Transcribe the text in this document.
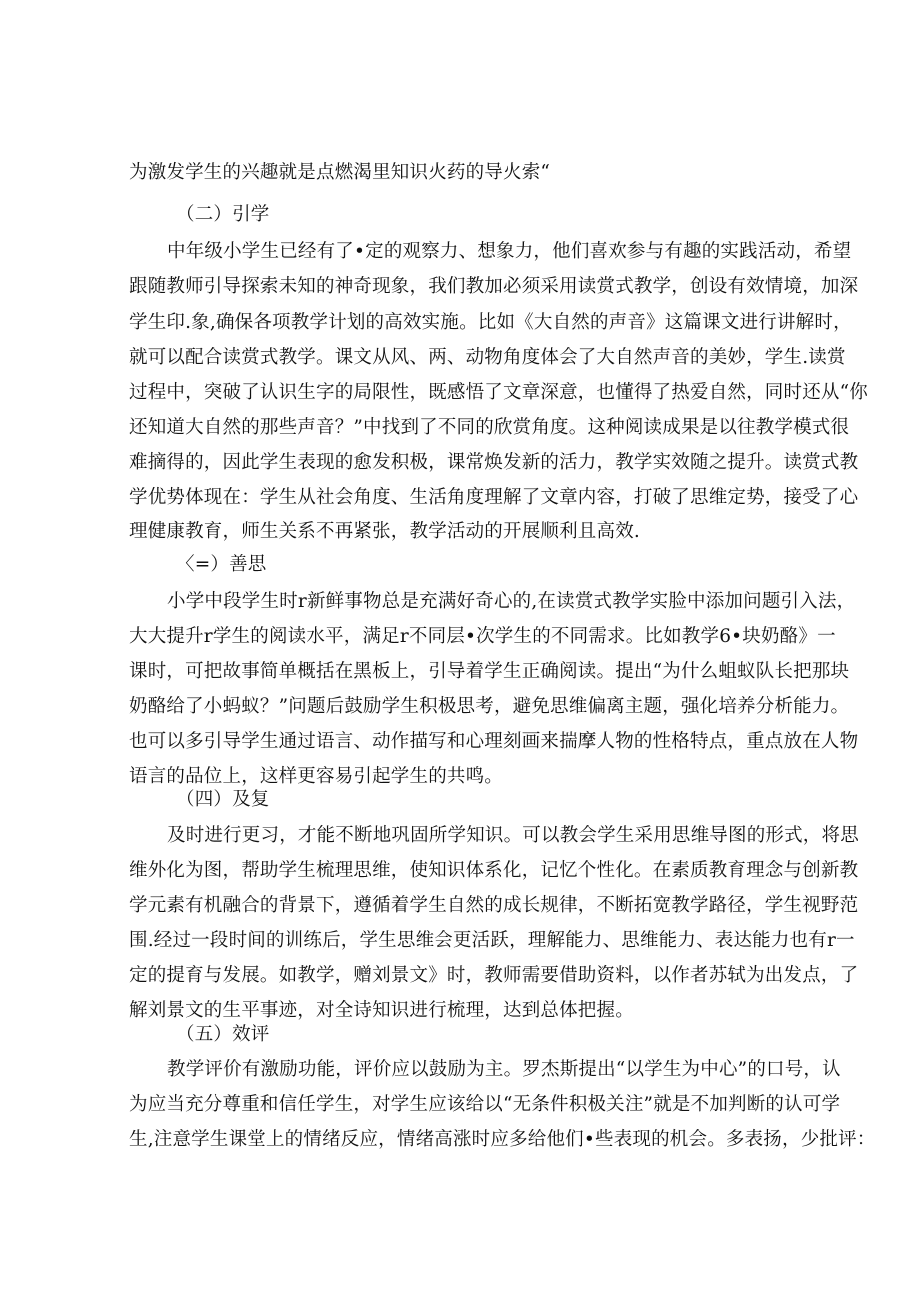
为激发学生的兴趣就是点燃渴里知识火药的导火索“
（二）引学
中年级小学生已经有了•定的观察力、想象力，他们喜欢参与有趣的实践活动，希望
跟随教师引导探索未知的神奇现象，我们教加必须采用读赏式教学，创设有效情境，加深
学生印.象,确保各项教学计划的高效实施。比如《大自然的声音》这篇课文进行讲解时，
就可以配合读赏式教学。课文从风、两、动物角度体会了大自然声音的美妙，学生.读赏
过程中，突破了认识生字的局限性，既感悟了文章深意，也懂得了热爱自然，同时还从“你
还知道大自然的那些声音？”中找到了不同的欣赏角度。这种阅读成果是以往教学模式很
难摘得的，因此学生表现的愈发积极，课常焕发新的活力，教学实效随之提升。读赏式教
学优势体现在：学生从社会角度、生活角度理解了文章内容，打破了思维定势，接受了心
理健康教育，师生关系不再紧张，教学活动的开展顺利且高效.
〈=）善思
小学中段学生时r新鲜事物总是充满好奇心的,在读赏式教学实脸中添加问题引入法，
大大提升r学生的阅读水平，满足r不同层•次学生的不同需求。比如教学6•块奶酪》一
课时，可把故事简单概括在黑板上，引导着学生正确阅读。提出“为什么蛆蚁队长把那块
奶酪给了小蚂蚁？”问题后鼓励学生积极思考，避免思维偏离主题，强化培养分析能力。
也可以多引导学生通过语言、动作描写和心理刻画来揣摩人物的性格特点，重点放在人物
语言的品位上，这样更容易引起学生的共鸣。
（四）及复
及时进行更习，才能不断地巩固所学知识。可以教会学生采用思维导图的形式，将思
维外化为图，帮助学生梳理思维，使知识体系化，记忆个性化。在素质教育理念与创新教
学元素有机融合的背景下，遵循着学生自然的成长规律，不断拓宽教学路径，学生视野范
围.经过一段时间的训练后，学生思维会更活跃，理解能力、思维能力、表达能力也有r一
定的提育与发展。如教学，赠刘景文》时，教师需要借助资料，以作者苏轼为出发点，了
解刘景文的生平事迹，对全诗知识进行梳理，达到总体把握。
（五）效评
教学评价有激励功能，评价应以鼓励为主。罗杰斯提出“以学生为中心”的口号，认
为应当充分尊重和信任学生，对学生应该给以“无条件积极关注”就是不加判断的认可学
生,注意学生课堂上的情绪反应，情绪高涨时应多给他们•些表现的机会。多表扬，少批评：
